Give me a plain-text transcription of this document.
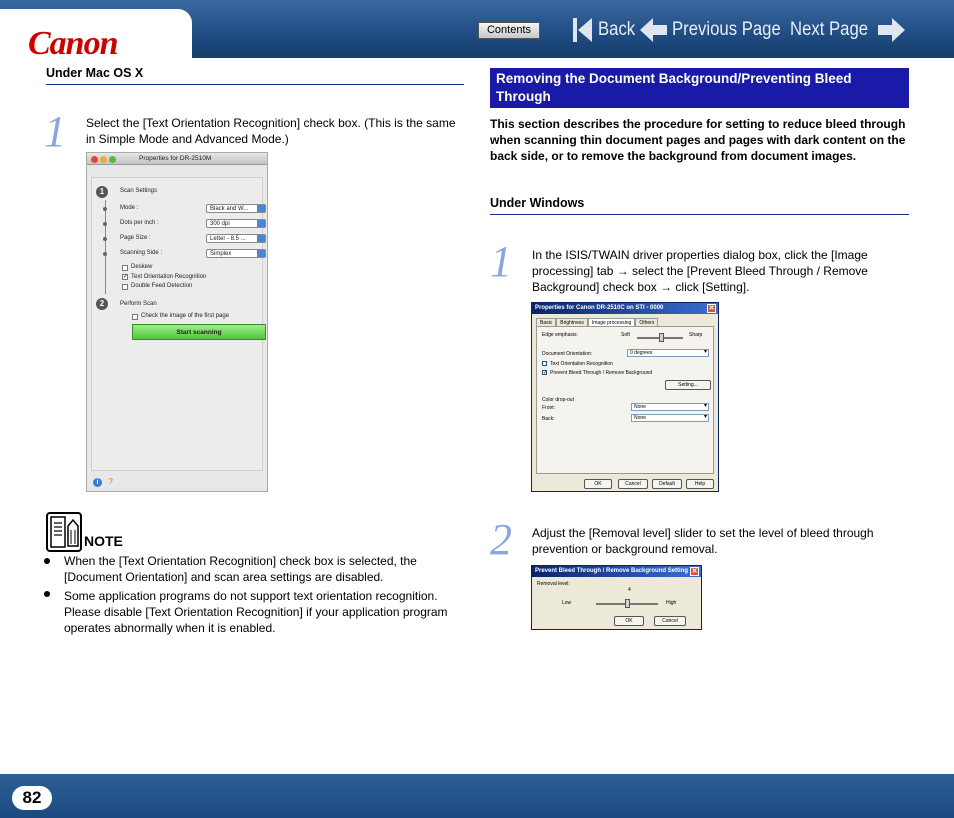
Canon	Contents	Back Previous Page Next Page
Under Mac OS X
1 Select the [Text Orientation Recognition] check box. (This is the same in Simple Mode and Advanced Mode.)
Properties for DR-2510M
1	Scan Settings
Mode :	Black and W...
Dots per inch :	300 dpi
Page Size :	Letter - 8.5 ...
Scanning Side :	Simplex
Deskew
✓ Text Orientation Recognition
Double Feed Detection
2	Perform Scan
Check the image of the first page
Start scanning
i ?
NOTE
When the [Text Orientation Recognition] check box is selected, the [Document Orientation] and scan area settings are disabled.
Some application programs do not support text orientation recognition. Please disable [Text Orientation Recognition] if your application program operates abnormally when it is enabled.
Removing the Document Background/Preventing Bleed Through
This section describes the procedure for setting to reduce bleed through when scanning thin document pages and pages with dark content on the back side, or to remove the background from document images.
Under Windows
1 In the ISIS/TWAIN driver properties dialog box, click the [Image processing] tab → select the [Prevent Bleed Through / Remove Background] check box → click [Setting].
Properties for Canon DR-2510C on STI - 0000	✕
Basic	Brightness	Image processing	Others
Edge emphasis:	Soft	Sharp
Document Orientation:	0 degrees ▾
Text Orientation Recognition
✓ Prevent Bleed Through / Remove Background
Setting...
Color drop-out
Front:	None ▾
Back:	None ▾
OK	Cancel	Default	Help
2 Adjust the [Removal level] slider to set the level of bleed through prevention or background removal.
Prevent Bleed Through / Remove Background Setting ✕
Removal level:
4
Low	High
OK	Cancel
82
